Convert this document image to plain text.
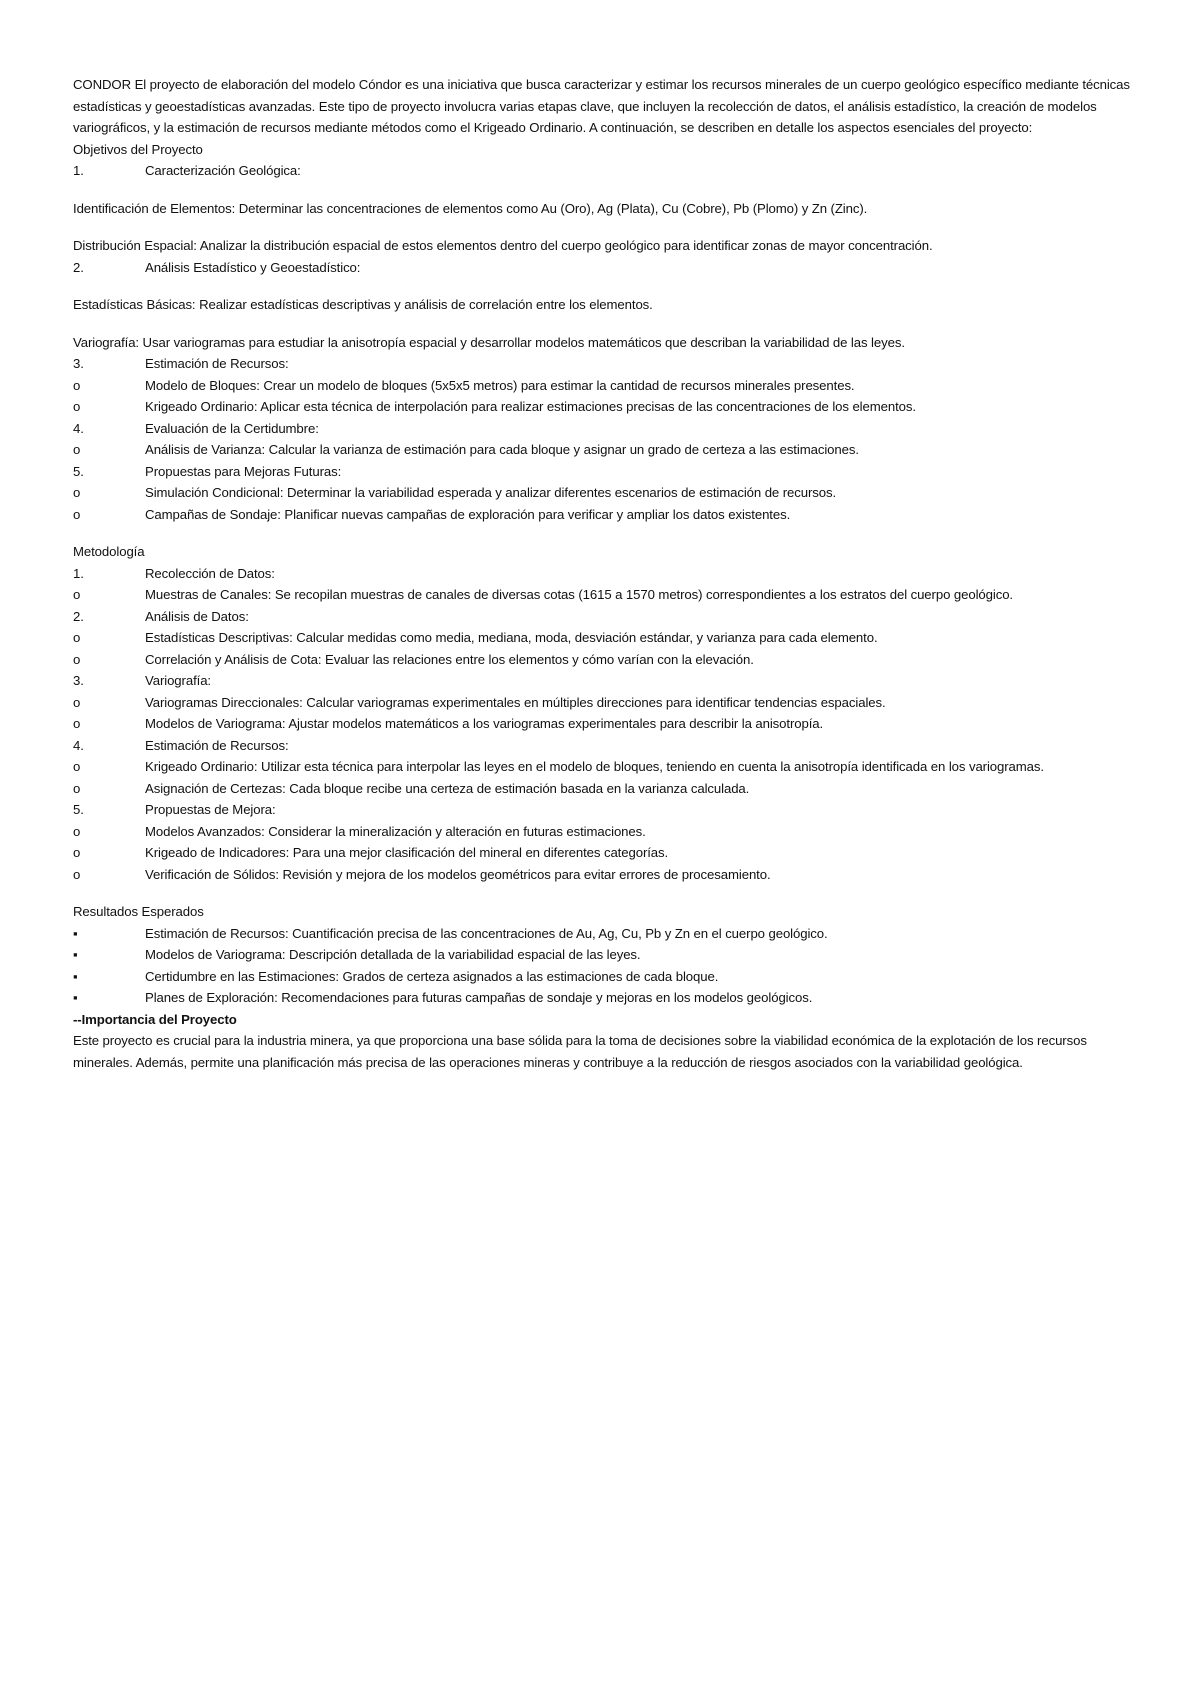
CONDOR El proyecto de elaboración del modelo Cóndor es una iniciativa que busca caracterizar y estimar los recursos minerales de un cuerpo geológico específico mediante técnicas estadísticas y geoestadísticas avanzadas. Este tipo de proyecto involucra varias etapas clave, que incluyen la recolección de datos, el análisis estadístico, la creación de modelos variográficos, y la estimación de recursos mediante métodos como el Krigeado Ordinario. A continuación, se describen en detalle los aspectos esenciales del proyecto:

Objetivos del Proyecto

1.	Caracterización Geológica:

Identificación de Elementos: Determinar las concentraciones de elementos como Au (Oro), Ag (Plata), Cu (Cobre), Pb (Plomo) y Zn (Zinc).

Distribución Espacial: Analizar la distribución espacial de estos elementos dentro del cuerpo geológico para identificar zonas de mayor concentración.

2.	Análisis Estadístico y Geoestadístico:

Estadísticas Básicas: Realizar estadísticas descriptivas y análisis de correlación entre los elementos.

Variografía: Usar variogramas para estudiar la anisotropía espacial y desarrollar modelos matemáticos que describan la variabilidad de las leyes.

3.	Estimación de Recursos:
o	Modelo de Bloques: Crear un modelo de bloques (5x5x5 metros) para estimar la cantidad de recursos minerales presentes.
o	Krigeado Ordinario: Aplicar esta técnica de interpolación para realizar estimaciones precisas de las concentraciones de los elementos.
4.	Evaluación de la Certidumbre:
o	Análisis de Varianza: Calcular la varianza de estimación para cada bloque y asignar un grado de certeza a las estimaciones.
5.	Propuestas para Mejoras Futuras:
o	Simulación Condicional: Determinar la variabilidad esperada y analizar diferentes escenarios de estimación de recursos.
o	Campañas de Sondaje: Planificar nuevas campañas de exploración para verificar y ampliar los datos existentes.

Metodología

1.	Recolección de Datos:
o	Muestras de Canales: Se recopilan muestras de canales de diversas cotas (1615 a 1570 metros) correspondientes a los estratos del cuerpo geológico.
2.	Análisis de Datos:
o	Estadísticas Descriptivas: Calcular medidas como media, mediana, moda, desviación estándar, y varianza para cada elemento.
o	Correlación y Análisis de Cota: Evaluar las relaciones entre los elementos y cómo varían con la elevación.
3.	Variografía:
o	Variogramas Direccionales: Calcular variogramas experimentales en múltiples direcciones para identificar tendencias espaciales.
o	Modelos de Variograma: Ajustar modelos matemáticos a los variogramas experimentales para describir la anisotropía.
4.	Estimación de Recursos:
o	Krigeado Ordinario: Utilizar esta técnica para interpolar las leyes en el modelo de bloques, teniendo en cuenta la anisotropía identificada en los variogramas.
o	Asignación de Certezas: Cada bloque recibe una certeza de estimación basada en la varianza calculada.
5.	Propuestas de Mejora:
o	Modelos Avanzados: Considerar la mineralización y alteración en futuras estimaciones.
o	Krigeado de Indicadores: Para una mejor clasificación del mineral en diferentes categorías.
o	Verificación de Sólidos: Revisión y mejora de los modelos geométricos para evitar errores de procesamiento.

Resultados Esperados

▪	Estimación de Recursos: Cuantificación precisa de las concentraciones de Au, Ag, Cu, Pb y Zn en el cuerpo geológico.
▪	Modelos de Variograma: Descripción detallada de la variabilidad espacial de las leyes.
▪	Certidumbre en las Estimaciones: Grados de certeza asignados a las estimaciones de cada bloque.
▪	Planes de Exploración: Recomendaciones para futuras campañas de sondaje y mejoras en los modelos geológicos.

--Importancia del Proyecto

Este proyecto es crucial para la industria minera, ya que proporciona una base sólida para la toma de decisiones sobre la viabilidad económica de la explotación de los recursos minerales. Además, permite una planificación más precisa de las operaciones mineras y contribuye a la reducción de riesgos asociados con la variabilidad geológica.
